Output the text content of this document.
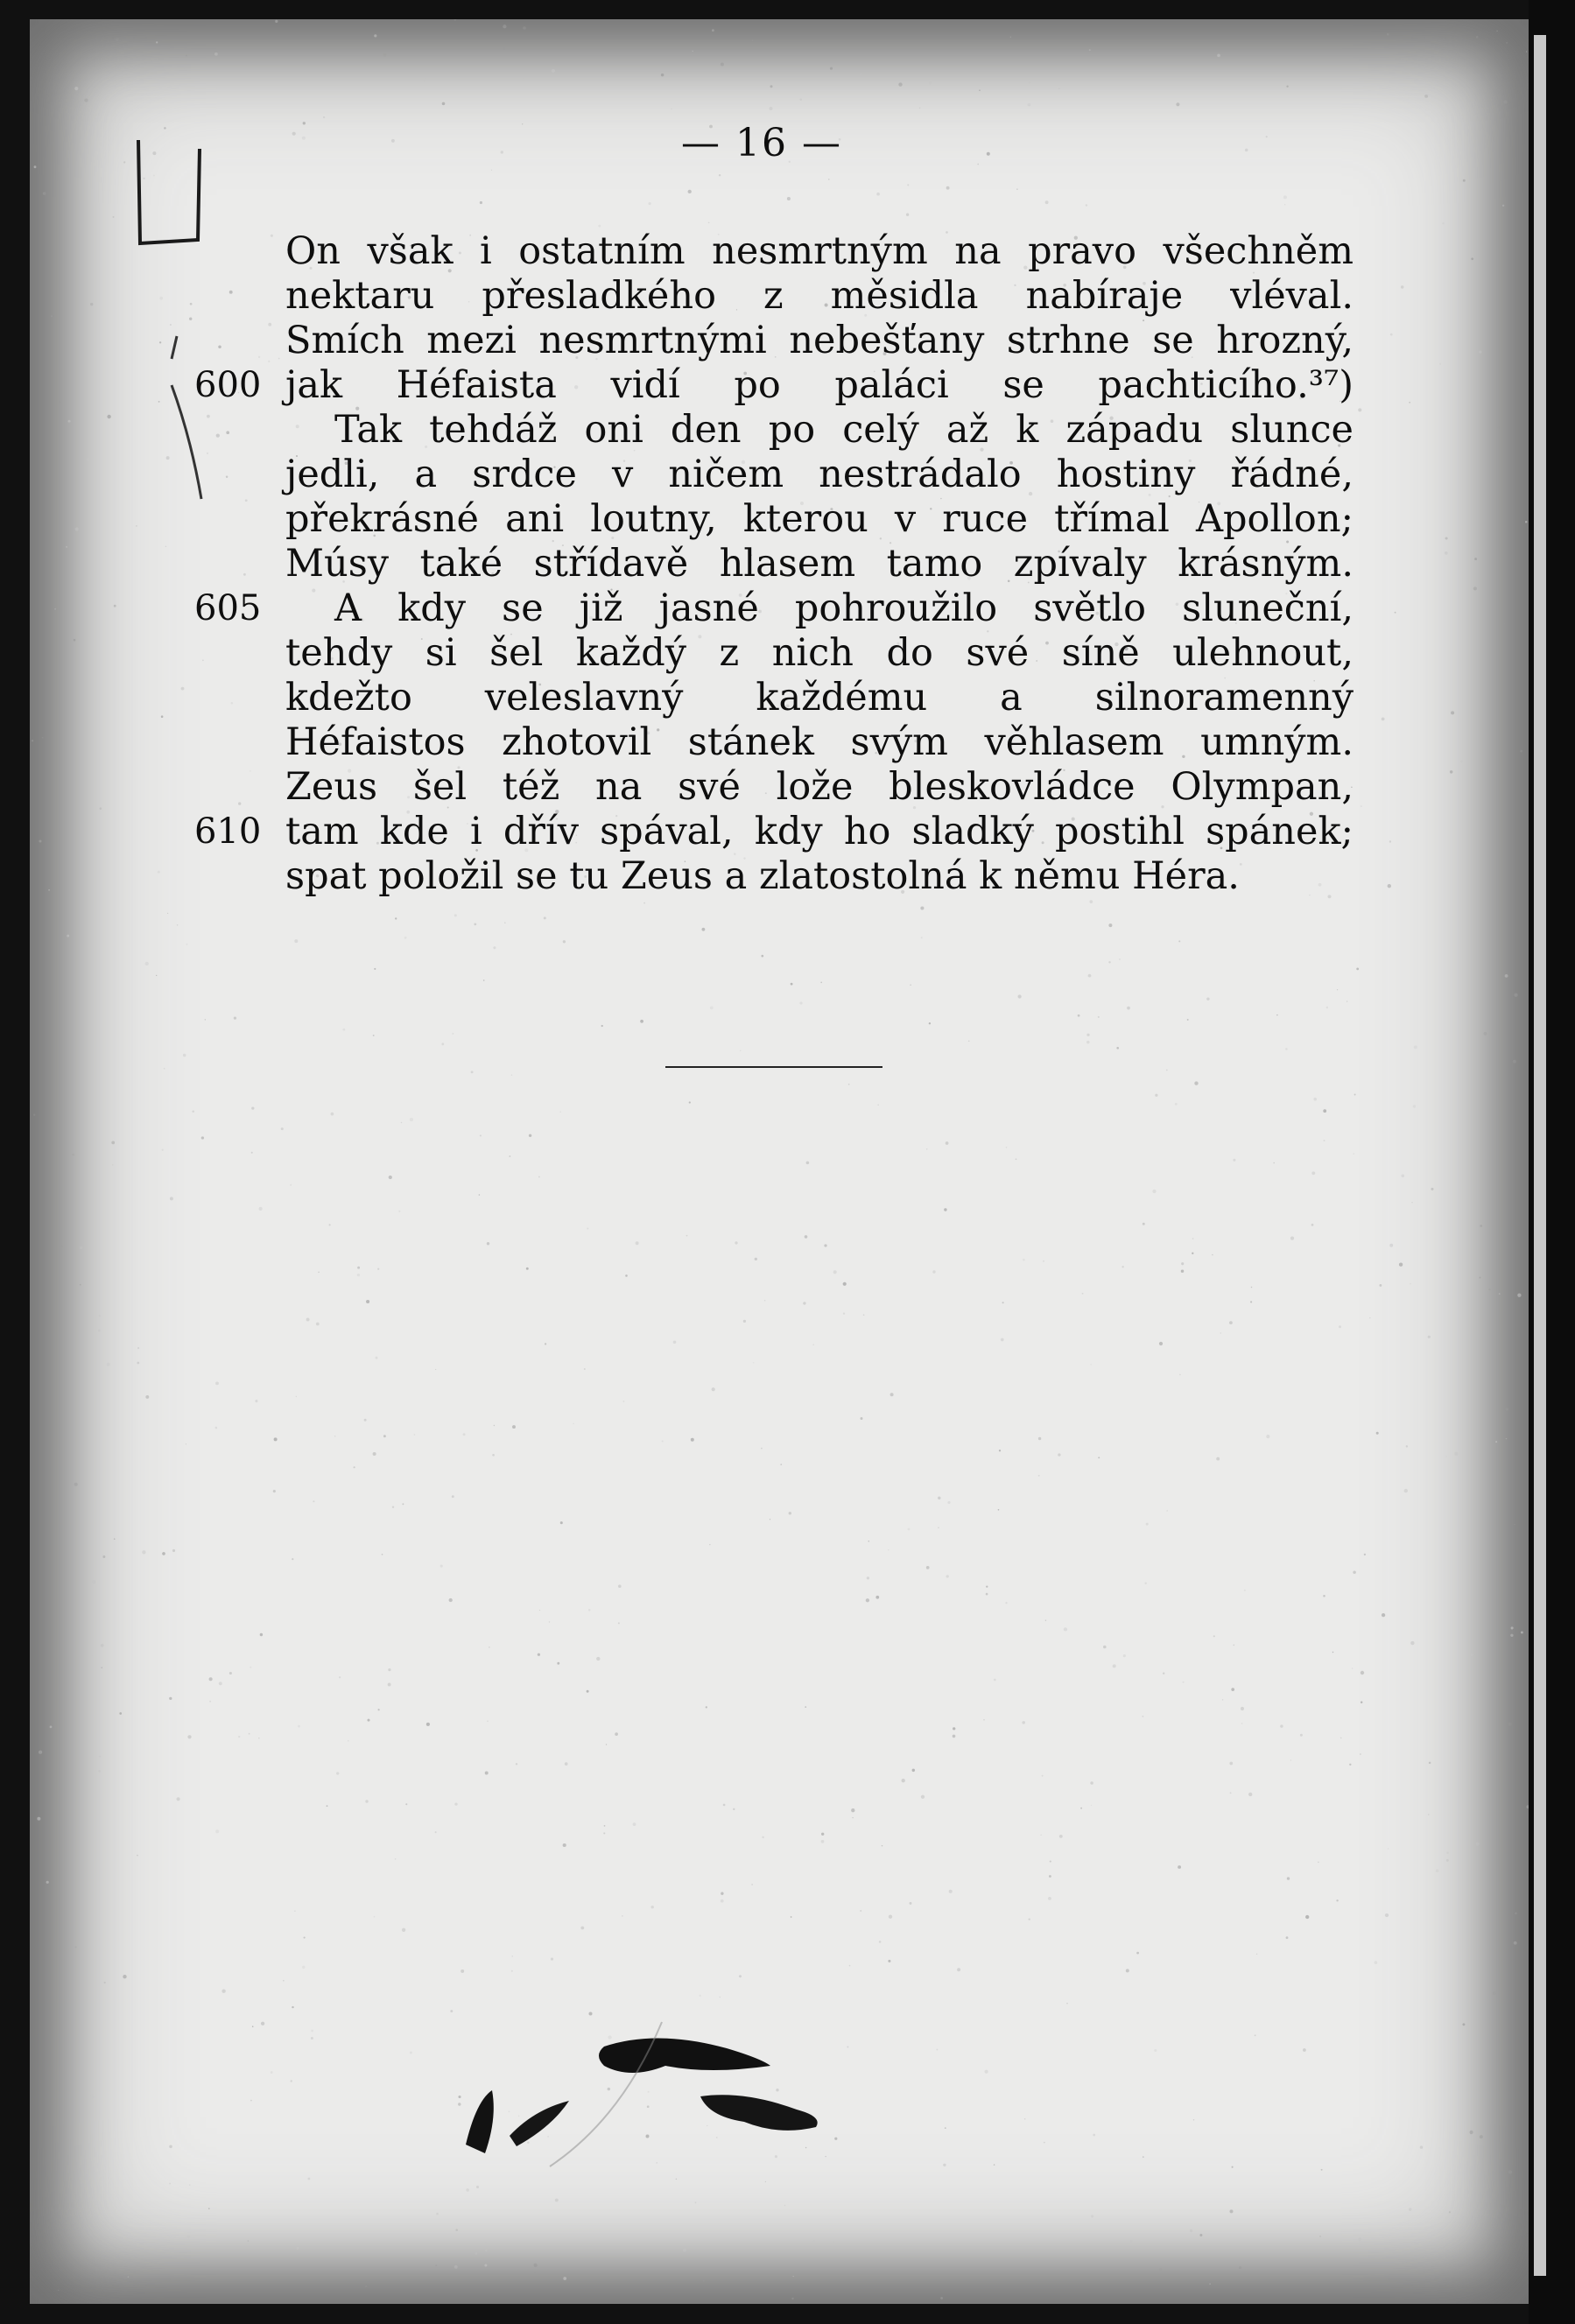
— 16 —
On však i ostatním nesmrtným na pravo všechněm
nektaru přesladkého z měsidla nabíraje vléval.
Smích mezi nesmrtnými nebešťany strhne se hrozný,
600 jak Héfaista vidí po paláci se pachticího.³⁷)
Tak tehdáž oni den po celý až k západu slunce
jedli, a srdce v ničem nestrádalo hostiny řádné,
překrásné ani loutny, kterou v ruce třímal Apollon;
Músy také střídavě hlasem tamo zpívaly krásným.
605	A kdy se již jasné pohroužilo světlo sluneční,
tehdy si šel každý z nich do své síně ulehnout,
kdežto veleslavný každému a silnoramenný
Héfaistos zhotovil stánek svým věhlasem umným.
Zeus šel též na své lože bleskovládce Olympan,
610 tam kde i dřív spával, kdy ho sladký postihl spánek;
spat položil se tu Zeus a zlatostolná k němu Héra.
